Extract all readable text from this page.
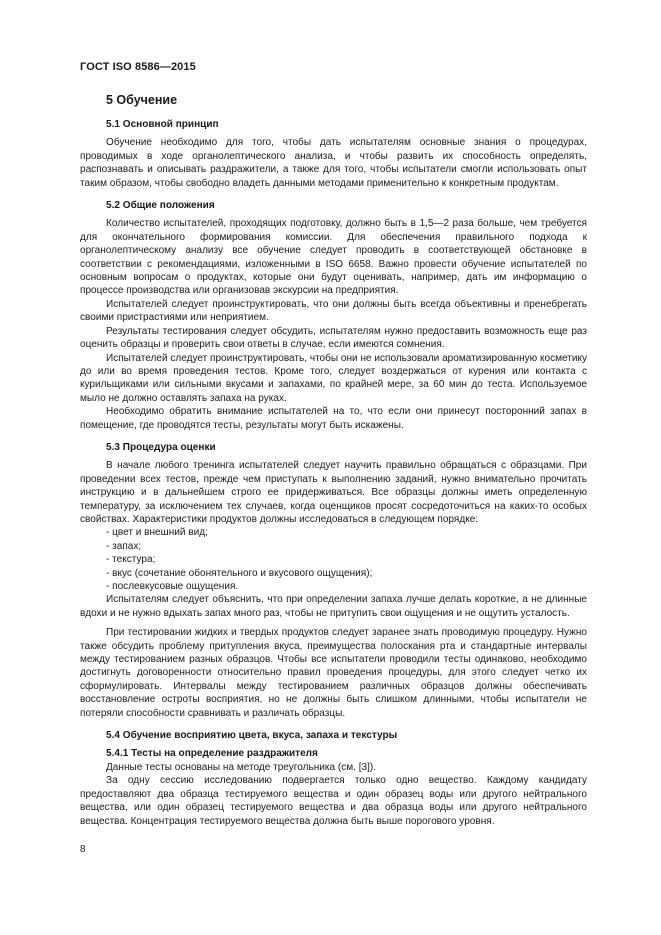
ГОСТ ISO 8586—2015
5 Обучение
5.1 Основной принцип

Обучение необходимо для того, чтобы дать испытателям основные знания о процедурах, проводимых в ходе органолептического анализа, и чтобы развить их способность определять, распознавать и описывать раздражители, а также для того, чтобы испытатели смогли использовать опыт таким образом, чтобы свободно владеть данными методами применительно к конкретным продуктам.

5.2 Общие положения

Количество испытателей, проходящих подготовку, должно быть в 1,5—2 раза больше, чем требуется для окончательного формирования комиссии. Для обеспечения правильного подхода к органолептическому анализу все обучение следует проводить в соответствующей обстановке в соответствии с рекомендациями, изложенными в ISO 6658. Важно провести обучение испытателей по основным вопросам о продуктах, которые они будут оценивать, например, дать им информацию о процессе производства или организовав экскурсии на предприятия.

Испытателей следует проинструктировать, что они должны быть всегда объективны и пренебрегать своими пристрастиями или неприятием.

Результаты тестирования следует обсудить, испытателям нужно предоставить возможность еще раз оценить образцы и проверить свои ответы в случае, если имеются сомнения.

Испытателей следует проинструктировать, чтобы они не использовали ароматизированную косметику до или во время проведения тестов. Кроме того, следует воздержаться от курения или контакта с курильщиками или сильными вкусами и запахами, по крайней мере, за 60 мин до теста. Используемое мыло не должно оставлять запаха на руках.

Необходимо обратить внимание испытателей на то, что если они принесут посторонний запах в помещение, где проводятся тесты, результаты могут быть искажены.

5.3 Процедура оценки

В начале любого тренинга испытателей следует научить правильно обращаться с образцами. При проведении всех тестов, прежде чем приступать к выполнению заданий, нужно внимательно прочитать инструкцию и в дальнейшем строго ее придерживаться. Все образцы должны иметь определенную температуру, за исключением тех случаев, когда оценщиков просят сосредоточиться на каких-то особых свойствах. Характеристики продуктов должны исследоваться в следующем порядке:

- цвет и внешний вид;
- запах;
- текстура;
- вкус (сочетание обонятельного и вкусового ощущения);
- послевкусовые ощущения.

Испытателям следует объяснить, что при определении запаха лучше делать короткие, а не длинные вдохи и не нужно вдыхать запах много раз, чтобы не притупить свои ощущения и не ощутить усталость.

При тестировании жидких и твердых продуктов следует заранее знать проводимую процедуру. Нужно также обсудить проблему притупления вкуса, преимущества полоскания рта и стандартные интервалы между тестированием разных образцов. Чтобы все испытатели проводили тесты одинаково, необходимо достигнуть договоренности относительно правил проведения процедуры, для этого следует четко их сформулировать. Интервалы между тестированием различных образцов должны обеспечивать восстановление остроты восприятия, но не должны быть слишком длинными, чтобы испытатели не потеряли способности сравнивать и различать образцы.

5.4 Обучение восприятию цвета, вкуса, запаха и текстуры
5.4.1 Тесты на определение раздражителя

Данные тесты основаны на методе треугольника (см. [3]).

За одну сессию исследованию подвергается только одно вещество. Каждому кандидату предоставляют два образца тестируемого вещества и один образец воды или другого нейтрального вещества, или один образец тестируемого вещества и два образца воды или другого нейтрального вещества. Концентрация тестируемого вещества должна быть выше порогового уровня.

8
